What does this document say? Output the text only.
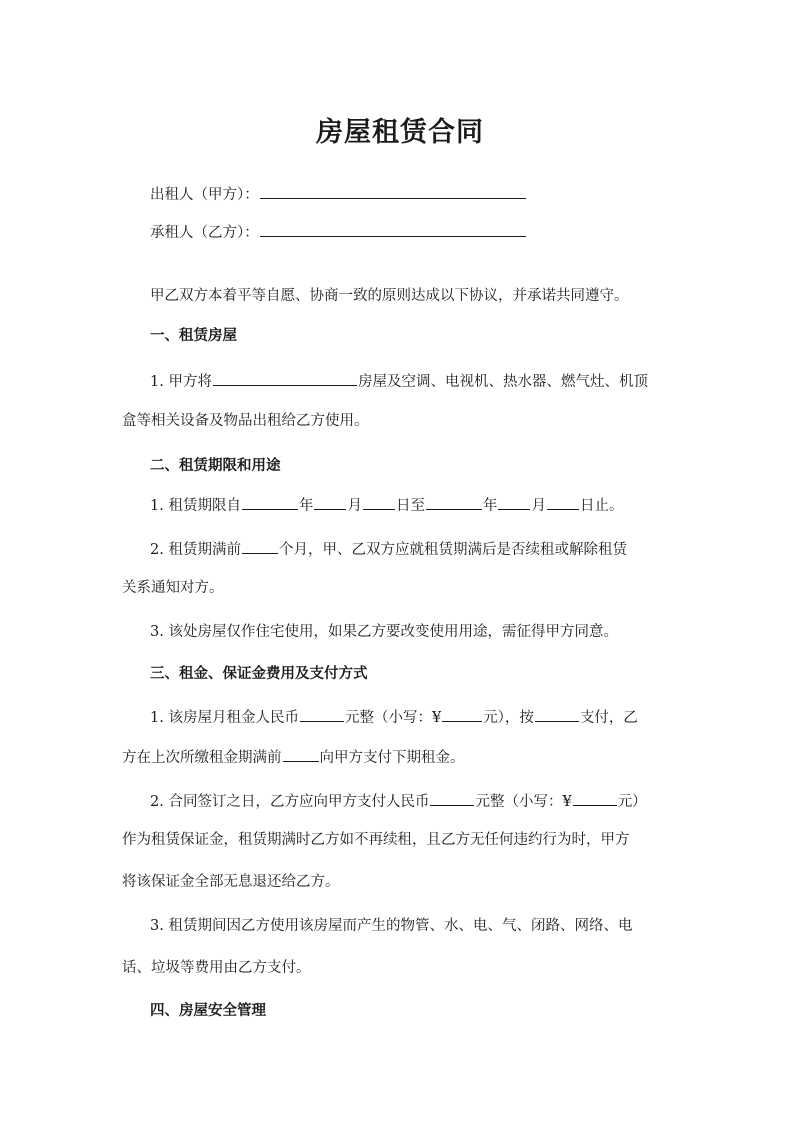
房屋租赁合同
出租人（甲方）：
承租人（乙方）：
甲乙双方本着平等自愿、协商一致的原则达成以下协议，并承诺共同遵守。
一、租赁房屋
1. 甲方将	房屋及空调、电视机、热水器、燃气灶、机顶
盒等相关设备及物品出租给乙方使用。
二、租赁期限和用途
1. 租赁期限自	年 月 日至	年 月 日止。
2. 租赁期满前	个月，甲、乙双方应就租赁期满后是否续租或解除租赁
关系通知对方。
3. 该处房屋仅作住宅使用，如果乙方要改变使用用途，需征得甲方同意。
三、租金、保证金费用及支付方式
1. 该房屋月租金人民币	元整（小写：¥	元），按	支付，乙
方在上次所缴租金期满前	向甲方支付下期租金。
2. 合同签订之日，乙方应向甲方支付人民币	元整（小写：¥	元）
作为租赁保证金，租赁期满时乙方如不再续租，且乙方无任何违约行为时，甲方
将该保证金全部无息退还给乙方。
3. 租赁期间因乙方使用该房屋而产生的物管、水、电、气、闭路、网络、电
话、垃圾等费用由乙方支付。
四、房屋安全管理
